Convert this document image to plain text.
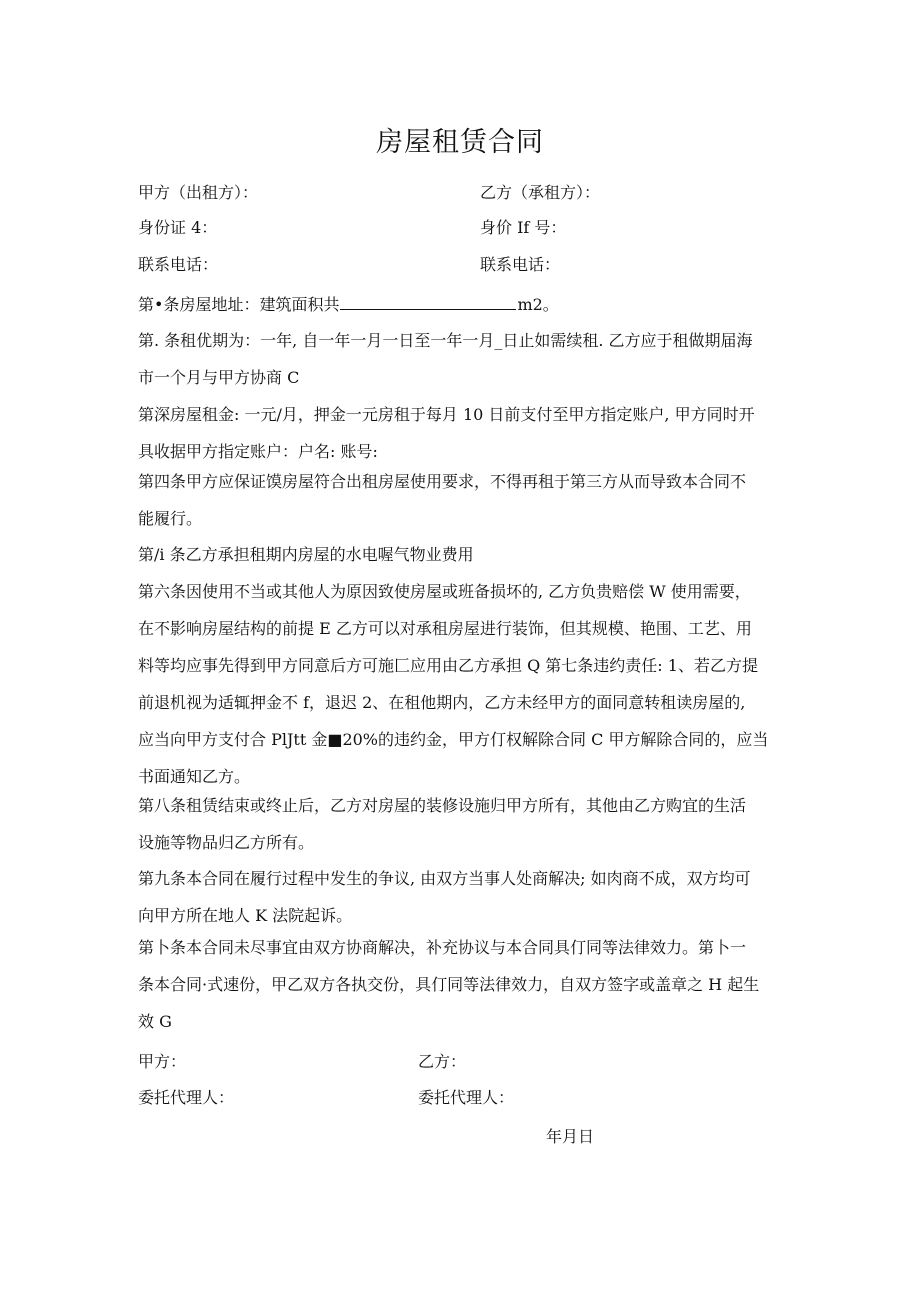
房屋租赁合同
甲方（出租方）：	乙方（承租方）：
身份证 4：	身价 If 号：
联系电话：	联系电话：
第•条房屋地址：建筑面积共	m2。
第. 条租优期为：一年, 自一年一月一日至一年一月_日止如需续租. 乙方应于租做期届海
市一个月与甲方协商 C
第深房屋租金: 一元/月，押金一元房租于每月 10 日前支付至甲方指定账户, 甲方同时开
具收据甲方指定账户：户名: 账号:
第四条甲方应保证馍房屋符合出租房屋使用要求，不得再租于第三方从而导致本合同不
能履行。
第/i 条乙方承担租期内房屋的水电喔气物业费用
第六条因使用不当或其他人为原因致使房屋或班备损坏的, 乙方负贵赔偿 W 使用需要，
在不影响房屋结构的前提 E 乙方可以对承租房屋进行装饰，但其规模、艳围、工艺、用
料等均应事先得到甲方同意后方可施匚应用由乙方承担 Q 第七条违约责任: 1、若乙方提
前退机视为适辄押金不 f，退迟 2、在租他期内，乙方未经甲方的面同意转租读房屋的,
应当向甲方支付合 PlJtt 金■20%的违约金，甲方仃权解除合同 C 甲方解除合同的，应当
书面通知乙方。
第八条租赁结束或终止后，乙方对房屋的装修设施归甲方所有，其他由乙方购宜的生活
设施等物品归乙方所有。
第九条本合同在履行过程中发生的争议, 由双方当事人处商解决; 如肉商不成，双方均可
向甲方所在地人 K 法院起诉。
第卜条本合同未尽事宜由双方协商解决，补充协议与本合同具仃同等法律效力。第卜一
条本合同·式速份，甲乙双方各执交份，具仃同等法律效力，自双方签字或盖章之 H 起生
效 G
甲方：	乙方：
委托代理人：	委托代理人：
年月日
